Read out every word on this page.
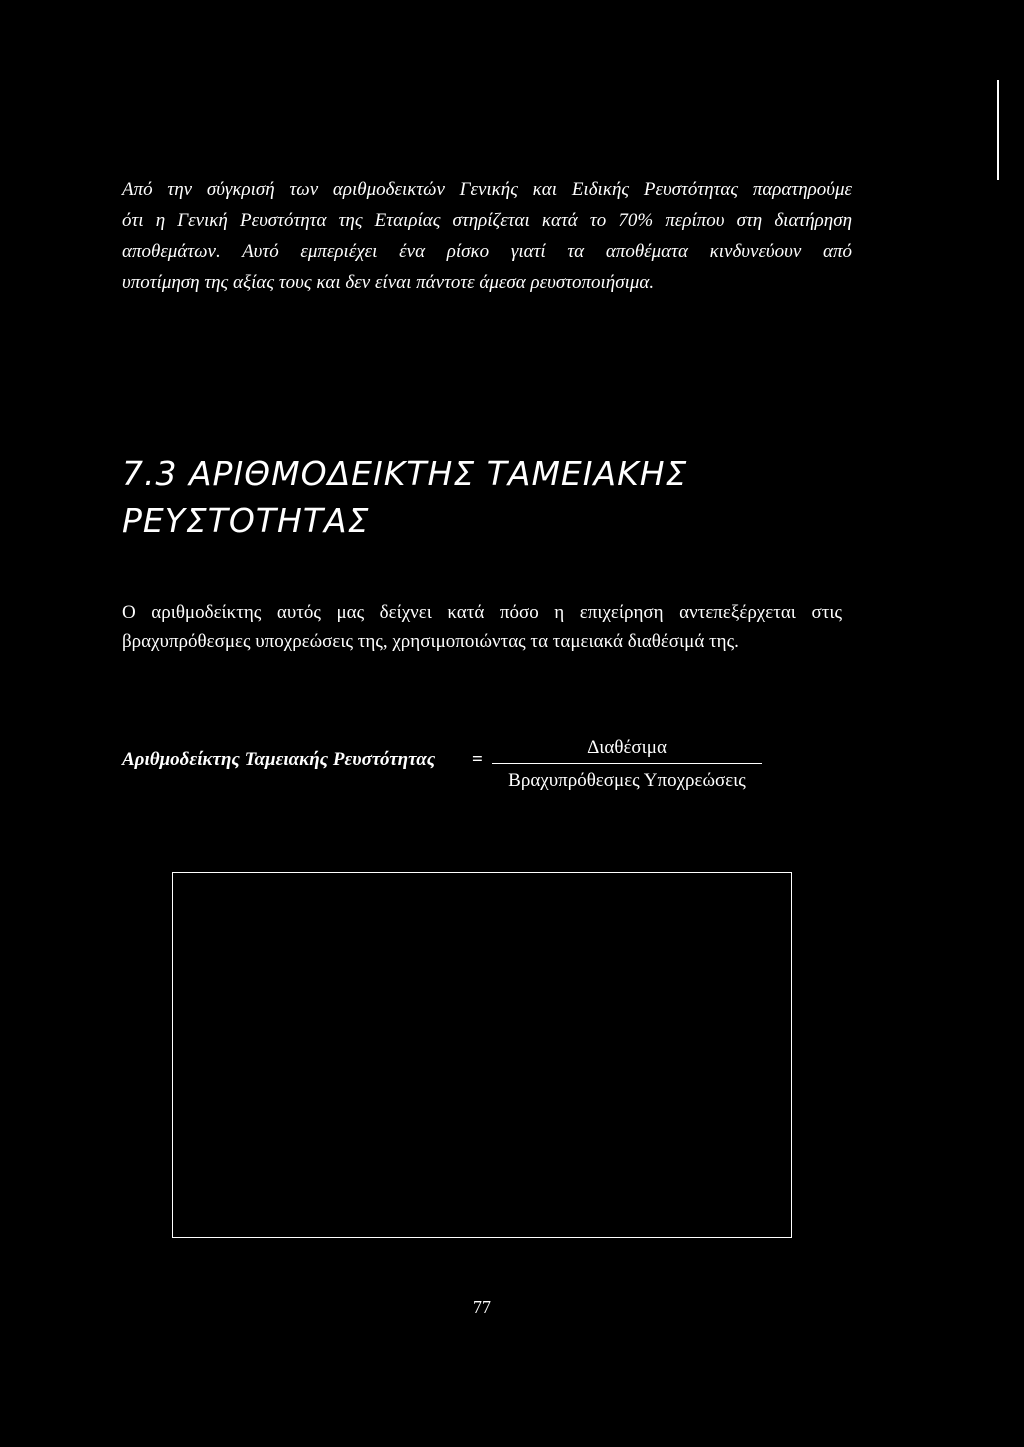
Από την σύγκρισή των αριθμοδεικτών Γενικής και Ειδικής Ρευστότητας παρατηρούμε
ότι η Γενική Ρευστότητα της Εταιρίας στηρίζεται κατά το 70% περίπου στη διατήρηση
αποθεμάτων. Αυτό εμπεριέχει ένα ρίσκο γιατί τα αποθέματα κινδυνεύουν από
υποτίμηση της αξίας τους και δεν είναι πάντοτε άμεσα ρευστοποιήσιμα.

7.3 ΑΡΙΘΜΟΔΕΙΚΤΗΣ ΤΑΜΕΙΑΚΗΣ
ΡΕΥΣΤΟΤΗΤΑΣ

Ο αριθμοδείκτης αυτός μας δείχνει κατά πόσο η επιχείρηση αντεπεξέρχεται στις
βραχυπρόθεσμες υποχρεώσεις της, χρησιμοποιώντας τα ταμειακά διαθέσιμά της.

Αριθμοδείκτης Ταμειακής Ρευστότητας =
Διαθέσιμα
Βραχυπρόθεσμες Υποχρεώσεις
77
